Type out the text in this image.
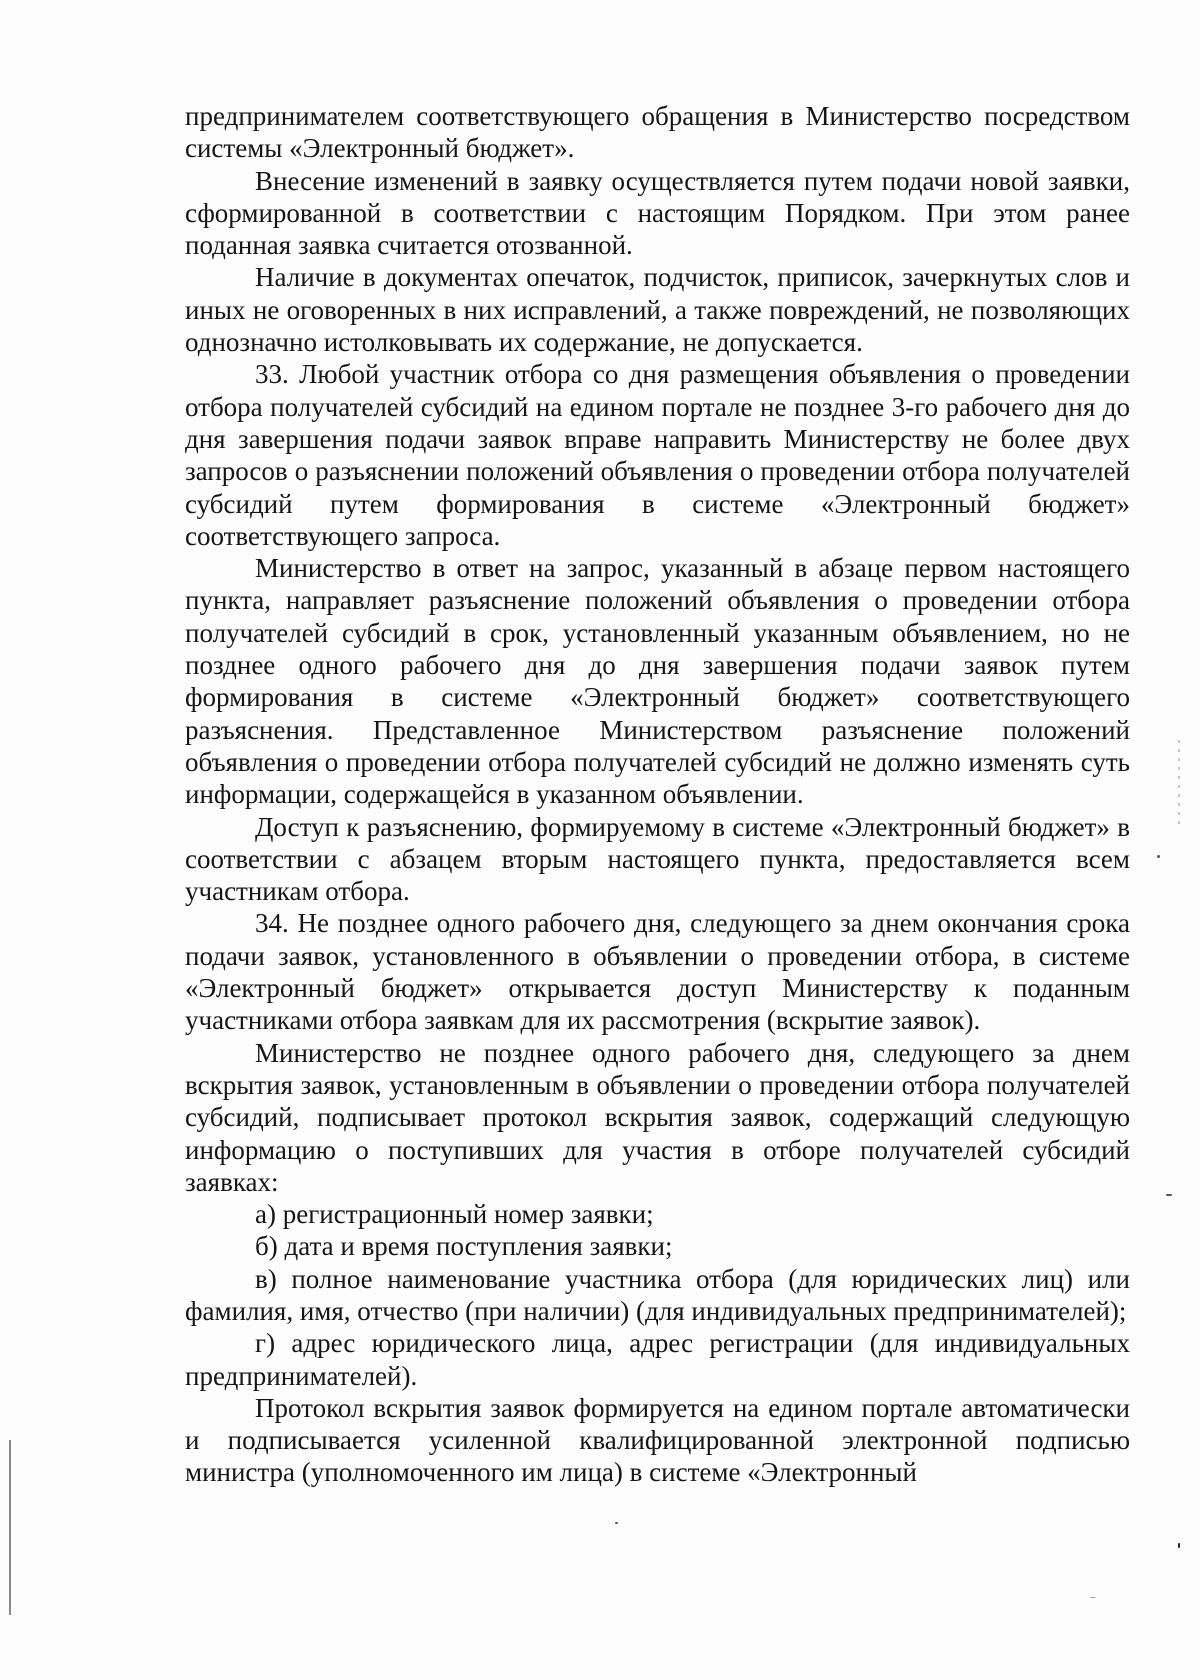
предпринимателем соответствующего обращения в Министерство посредством системы «Электронный бюджет».

Внесение изменений в заявку осуществляется путем подачи новой заявки, сформированной в соответствии с настоящим Порядком. При этом ранее поданная заявка считается отозванной.

Наличие в документах опечаток, подчисток, приписок, зачеркнутых слов и иных не оговоренных в них исправлений, а также повреждений, не позволяющих однозначно истолковывать их содержание, не допускается.

33. Любой участник отбора со дня размещения объявления о проведении отбора получателей субсидий на едином портале не позднее 3-го рабочего дня до дня завершения подачи заявок вправе направить Министерству не более двух запросов о разъяснении положений объявления о проведении отбора получателей субсидий путем формирования в системе «Электронный бюджет» соответствующего запроса.

Министерство в ответ на запрос, указанный в абзаце первом настоящего пункта, направляет разъяснение положений объявления о проведении отбора получателей субсидий в срок, установленный указанным объявлением, но не позднее одного рабочего дня до дня завершения подачи заявок путем формирования в системе «Электронный бюджет» соответствующего разъяснения. Представленное Министерством разъяснение положений объявления о проведении отбора получателей субсидий не должно изменять суть информации, содержащейся в указанном объявлении.

Доступ к разъяснению, формируемому в системе «Электронный бюджет» в соответствии с абзацем вторым настоящего пункта, предоставляется всем участникам отбора.

34. Не позднее одного рабочего дня, следующего за днем окончания срока подачи заявок, установленного в объявлении о проведении отбора, в системе «Электронный бюджет» открывается доступ Министерству к поданным участниками отбора заявкам для их рассмотрения (вскрытие заявок).

Министерство не позднее одного рабочего дня, следующего за днем вскрытия заявок, установленным в объявлении о проведении отбора получателей субсидий, подписывает протокол вскрытия заявок, содержащий следующую информацию о поступивших для участия в отборе получателей субсидий заявках:

а) регистрационный номер заявки;

б) дата и время поступления заявки;

в) полное наименование участника отбора (для юридических лиц) или фамилия, имя, отчество (при наличии) (для индивидуальных предпринимателей);

г) адрес юридического лица, адрес регистрации (для индивидуальных предпринимателей).

Протокол вскрытия заявок формируется на едином портале автоматически и подписывается усиленной квалифицированной электронной подписью министра (уполномоченного им лица) в системе «Электронный
